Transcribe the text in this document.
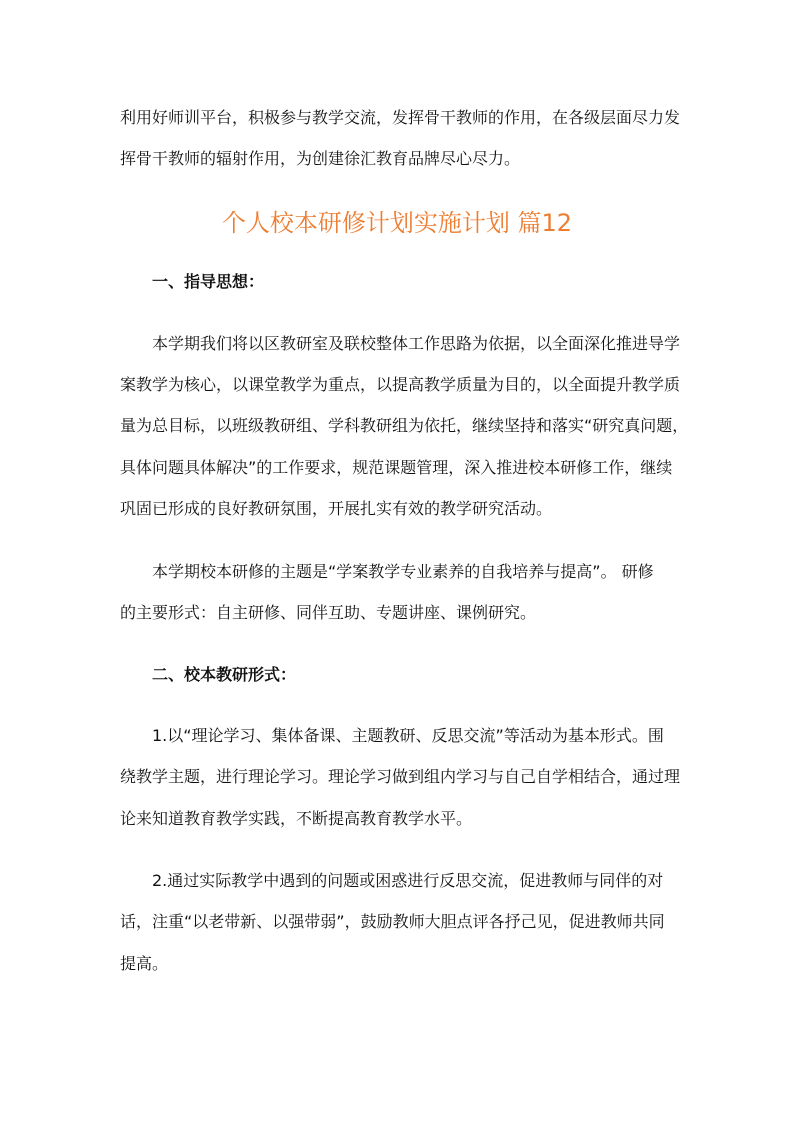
利用好师训平台，积极参与教学交流，发挥骨干教师的作用，在各级层面尽力发
挥骨干教师的辐射作用，为创建徐汇教育品牌尽心尽力。
个人校本研修计划实施计划 篇12
一、指导思想：
本学期我们将以区教研室及联校整体工作思路为依据，以全面深化推进导学
案教学为核心，以课堂教学为重点，以提高教学质量为目的，以全面提升教学质
量为总目标，以班级教研组、学科教研组为依托，继续坚持和落实“研究真问题，
具体问题具体解决”的工作要求，规范课题管理，深入推进校本研修工作，继续
巩固已形成的良好教研氛围，开展扎实有效的教学研究活动。
本学期校本研修的主题是“学案教学专业素养的自我培养与提高”。 研修
的主要形式：自主研修、同伴互助、专题讲座、课例研究。
二、校本教研形式：
1.以“理论学习、集体备课、主题教研、反思交流”等活动为基本形式。围
绕教学主题，进行理论学习。理论学习做到组内学习与自己自学相结合，通过理
论来知道教育教学实践，不断提高教育教学水平。
2.通过实际教学中遇到的问题或困惑进行反思交流，促进教师与同伴的对
话，注重“以老带新、以强带弱”，鼓励教师大胆点评各抒己见，促进教师共同
提高。
